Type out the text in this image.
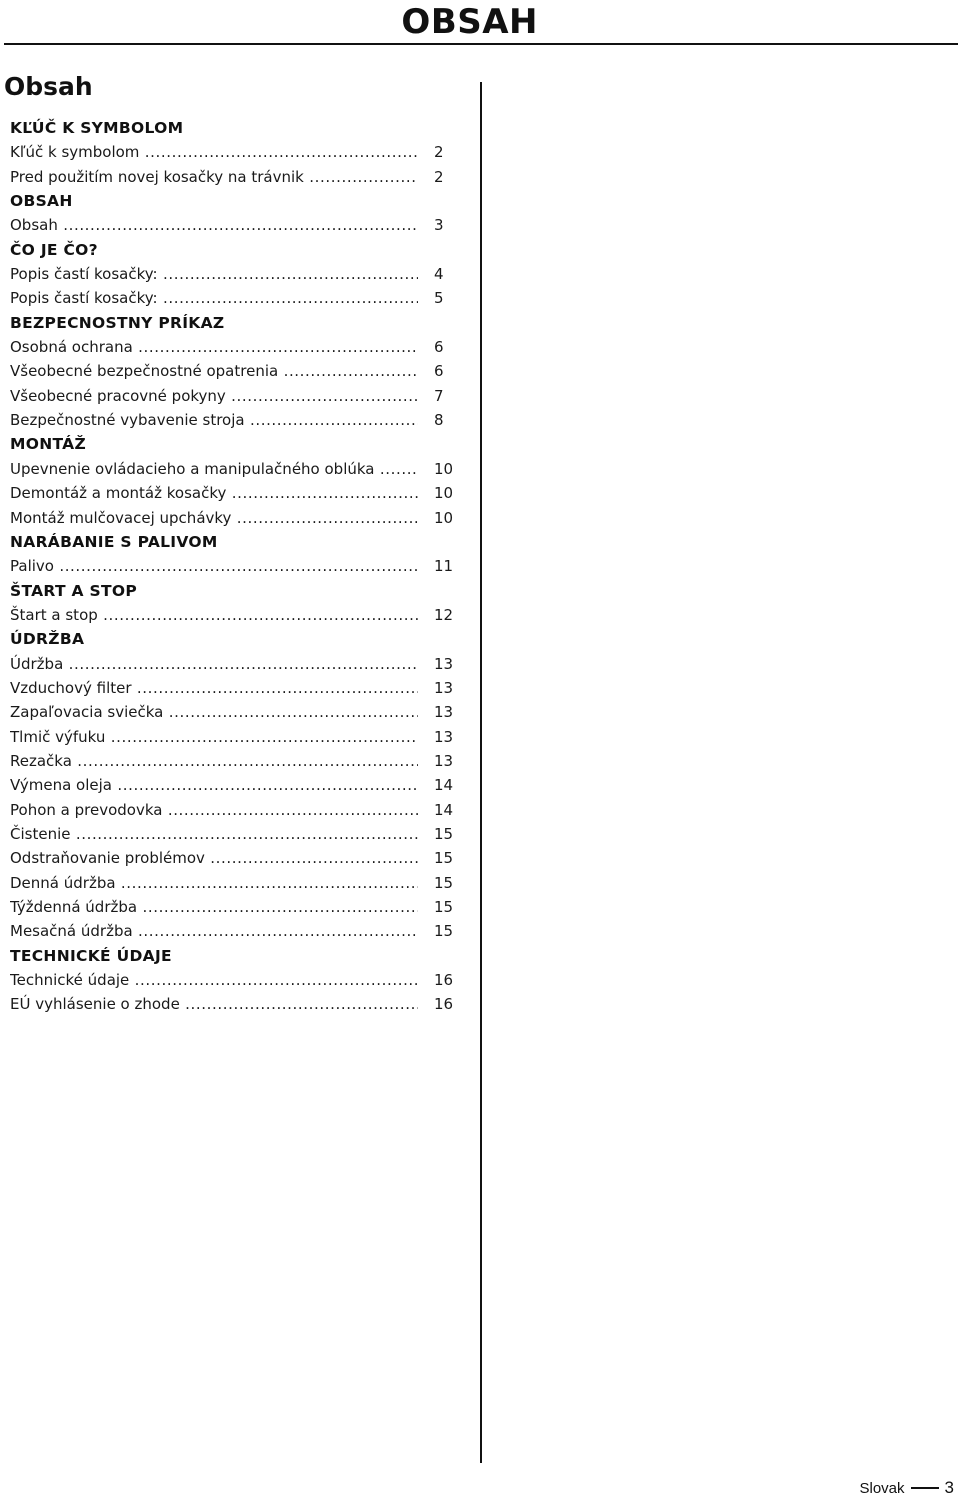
OBSAH
Obsah
KĽÚČ K SYMBOLOM
Kľúč k symbolom .....	2
Pred použitím novej kosačky na trávnik .....	2
OBSAH
Obsah .....	3
ČO JE ČO?
Popis častí kosačky: .....	4
Popis častí kosačky: .....	5
BEZPECNOSTNY PRÍKAZ
Osobná ochrana .....	6
Všeobecné bezpečnostné opatrenia .....	6
Všeobecné pracovné pokyny .....	7
Bezpečnostné vybavenie stroja .....	8
MONTÁŽ
Upevnenie ovládacieho a manipulačného oblúka .....	10
Demontáž a montáž kosačky .....	10
Montáž mulčovacej upchávky .....	10
NARÁBANIE S PALIVOM
Palivo .....	11
ŠTART A STOP
Štart a stop .....	12
ÚDRŽBA
Údržba .....	13
Vzduchový filter .....	13
Zapaľovacia sviečka .....	13
Tlmič výfuku .....	13
Rezačka .....	13
Výmena oleja .....	14
Pohon a prevodovka .....	14
Čistenie .....	15
Odstraňovanie problémov .....	15
Denná údržba .....	15
Týždenná údržba .....	15
Mesačná údržba .....	15
TECHNICKÉ ÚDAJE
Technické údaje .....	16
EÚ vyhlásenie o zhode .....	16
Slovak 3
